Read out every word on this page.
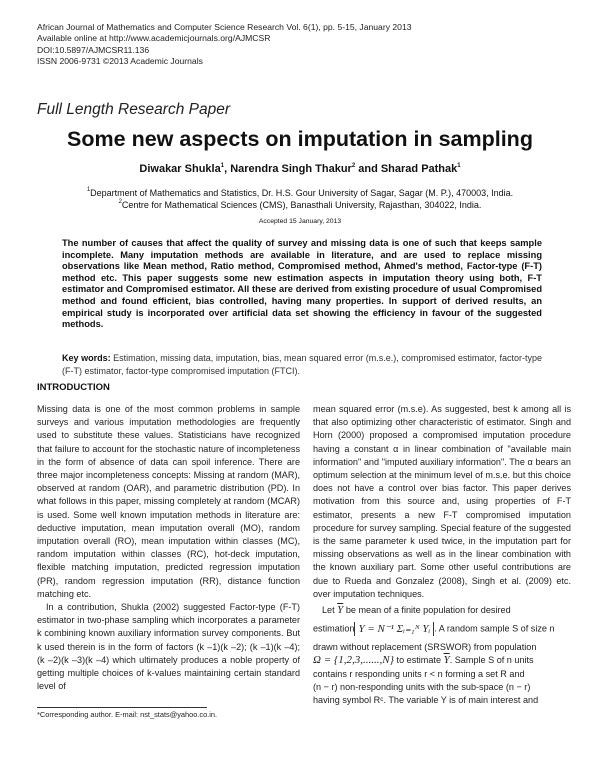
African Journal of Mathematics and Computer Science Research Vol. 6(1), pp. 5-15, January 2013
Available online at http://www.academicjournals.org/AJMCSR
DOI:10.5897/AJMCSR11.136
ISSN 2006-9731 ©2013 Academic Journals
Full Length Research Paper
Some new aspects on imputation in sampling
Diwakar Shukla$^1$, Narendra Singh Thakur$^2$ and Sharad Pathak$^1$
$^1$Department of Mathematics and Statistics, Dr. H.S. Gour University of Sagar, Sagar (M. P.), 470003, India.
$^2$Centre for Mathematical Sciences (CMS), Banasthali University, Rajasthan, 304022, India.
Accepted 15 January, 2013
The number of causes that affect the quality of survey and missing data is one of such that keeps sample incomplete. Many imputation methods are available in literature, and are used to replace missing observations like Mean method, Ratio method, Compromised method, Ahmed's method, Factor-type (F-T) method etc. This paper suggests some new estimation aspects in imputation theory using both, F-T estimator and Compromised estimator. All these are derived from existing procedure of usual Compromised method and found efficient, bias controlled, having many properties. In support of derived results, an empirical study is incorporated over artificial data set showing the efficiency in favour of the suggested methods.
Key words: Estimation, missing data, imputation, bias, mean squared error (m.s.e.), compromised estimator, factor-type (F-T) estimator, factor-type compromised imputation (FTCI).
INTRODUCTION

Missing data is one of the most common problems in sample surveys and various imputation methodologies are frequently used to substitute these values. Statisticians have recognized that failure to account for the stochastic nature of incompleteness in the form of absence of data can spoil inference. There are three major incompleteness concepts: Missing at random (MAR), observed at random (OAR), and parametric distribution (PD). In what follows in this paper, missing completely at random (MCAR) is used. Some well known imputation methods in literature are: deductive imputation, mean imputation overall (MO), random imputation overall (RO), mean imputation within classes (MC), random imputation within classes (RC), hot-deck imputation, flexible matching imputation, predicted regression imputation (PR), random regression imputation (RR), distance function matching etc.

In a contribution, Shukla (2002) suggested Factor-type (F-T) estimator in two-phase sampling which incorporates a parameter k combining known auxiliary information survey components. But k used therein is in the form of factors (k –1)(k –2); (k –1)(k –4); (k –2)(k –3)(k –4) which ultimately produces a noble property of getting multiple choices of k-values maintaining certain standard level of

mean squared error (m.s.e). As suggested, best k among all is that also optimizing other characteristic of estimator. Singh and Horn (2000) proposed a compromised imputation procedure having a constant α in linear combination of "available main information" and "imputed auxiliary information". The α bears an optimum selection at the minimum level of m.s.e. but this choice does not have a control over bias factor. This paper derives motivation from this source and, using properties of F-T estimator, presents a new F-T compromised imputation procedure for survey sampling. Special feature of the suggested is the same parameter k used twice, in the imputation part for missing observations as well as in the linear combination with the known auxiliary part. Some other useful contributions are due to Rueda and Gonzalez (2008), Singh et al. (2009) etc. over imputation techniques.

Let $\overline{Y}$ be mean of a finite population for desired

estimation Y = N⁻¹ Σᵢ₌₁ᴺ Yᵢ . A random sample S of size n

drawn without replacement (SRSWOR) from population
Ω = {1,2,3,......,N} to estimate $\overline{Y}$. Sample S of n units
contains r responding units r < n forming a set R and
(n − r) non-responding units with the sub-space (n − r)
having symbol Rᶜ. The variable Y is of main interest and

*Corresponding author. E-mail: nst_stats@yahoo.co.in.
